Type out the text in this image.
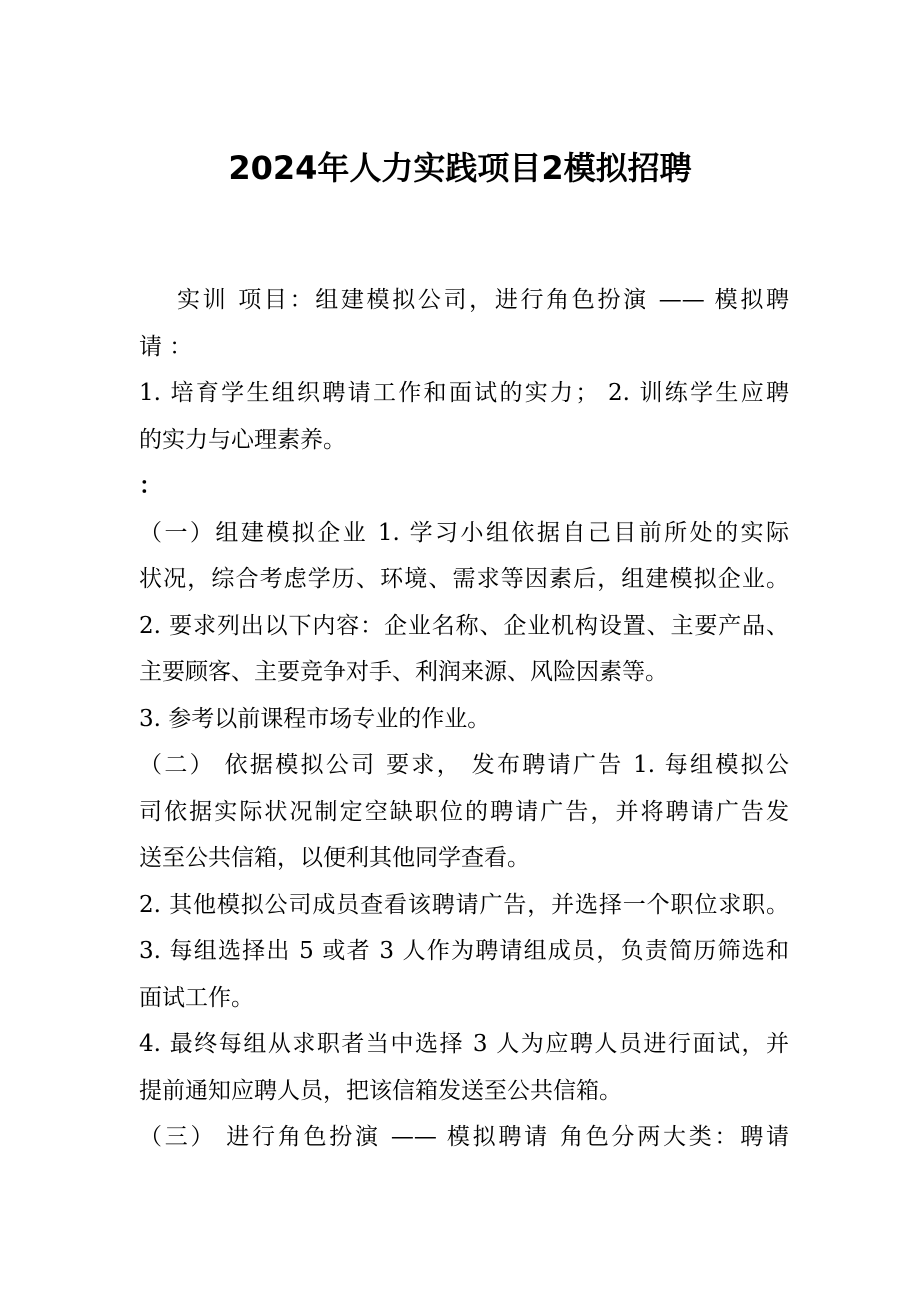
2024年人力实践项目2模拟招聘
实训 项目：组建模拟公司，进行角色扮演 —— 模拟聘
请 ：
1. 培育学生组织聘请工作和面试的实力； 2. 训练学生应聘
的实力与心理素养。
：
（一）组建模拟企业 1. 学习小组依据自己目前所处的实际
状况，综合考虑学历、环境、需求等因素后，组建模拟企业。
2. 要求列出以下内容：企业名称、企业机构设置、主要产品、
主要顾客、主要竞争对手、利润来源、风险因素等。
3. 参考以前课程市场专业的作业。
（二） 依据模拟公司 要求， 发布聘请广告 1. 每组模拟公
司依据实际状况制定空缺职位的聘请广告，并将聘请广告发
送至公共信箱，以便利其他同学查看。
2. 其他模拟公司成员查看该聘请广告，并选择一个职位求职。
3. 每组选择出 5 或者 3 人作为聘请组成员，负责简历筛选和
面试工作。
4. 最终每组从求职者当中选择 3 人为应聘人员进行面试，并
提前通知应聘人员，把该信箱发送至公共信箱。
（三） 进行角色扮演 —— 模拟聘请 角色分两大类：聘请
